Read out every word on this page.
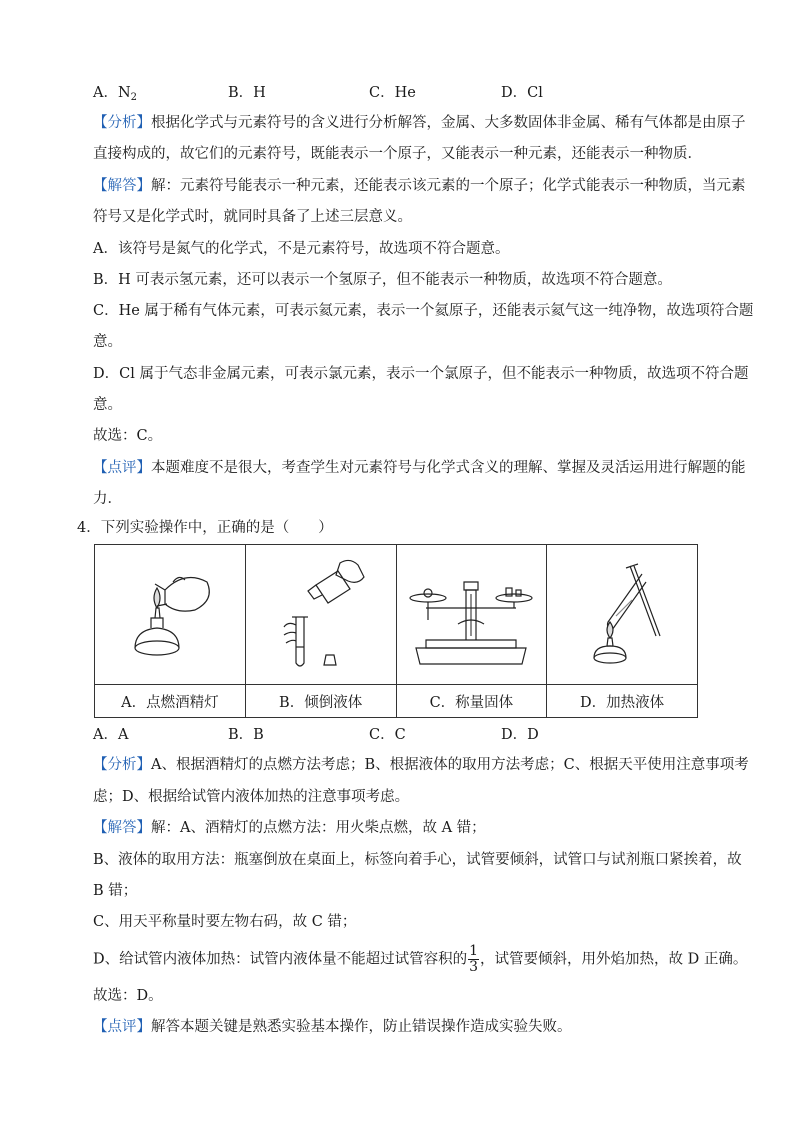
A．$N_2$	B．H	C．He	D．Cl
【分析】根据化学式与元素符号的含义进行分析解答，金属、大多数固体非金属、稀有气体都是由原子
直接构成的，故它们的元素符号，既能表示一个原子，又能表示一种元素，还能表示一种物质．
【解答】解：元素符号能表示一种元素，还能表示该元素的一个原子；化学式能表示一种物质，当元素
符号又是化学式时，就同时具备了上述三层意义。
A．该符号是氮气的化学式，不是元素符号，故选项不符合题意。
B．H 可表示氢元素，还可以表示一个氢原子，但不能表示一种物质，故选项不符合题意。
C．He 属于稀有气体元素，可表示氦元素，表示一个氦原子，还能表示氦气这一纯净物，故选项符合题
意。
D．Cl 属于气态非金属元素，可表示氯元素，表示一个氯原子，但不能表示一种物质，故选项不符合题
意。
故选：C。
【点评】本题难度不是很大，考查学生对元素符号与化学式含义的理解、掌握及灵活运用进行解题的能
力．
4．下列实验操作中，正确的是（　　）

A．点燃酒精灯	B．倾倒液体	C．称量固体	D．加热液体
A．A	B．B	C．C	D．D
【分析】A、根据酒精灯的点燃方法考虑；B、根据液体的取用方法考虑；C、根据天平使用注意事项考
虑；D、根据给试管内液体加热的注意事项考虑。
【解答】解：A、酒精灯的点燃方法：用火柴点燃，故 A 错；
B、液体的取用方法：瓶塞倒放在桌面上，标签向着手心，试管要倾斜，试管口与试剂瓶口紧挨着，故
B 错；
C、用天平称量时要左物右码，故 C 错；
D、给试管内液体加热：试管内液体量不能超过试管容积的 $\frac{1}{3}$ ，试管要倾斜，用外焰加热，故 D 正确。
故选：D。
【点评】解答本题关键是熟悉实验基本操作，防止错误操作造成实验失败。
